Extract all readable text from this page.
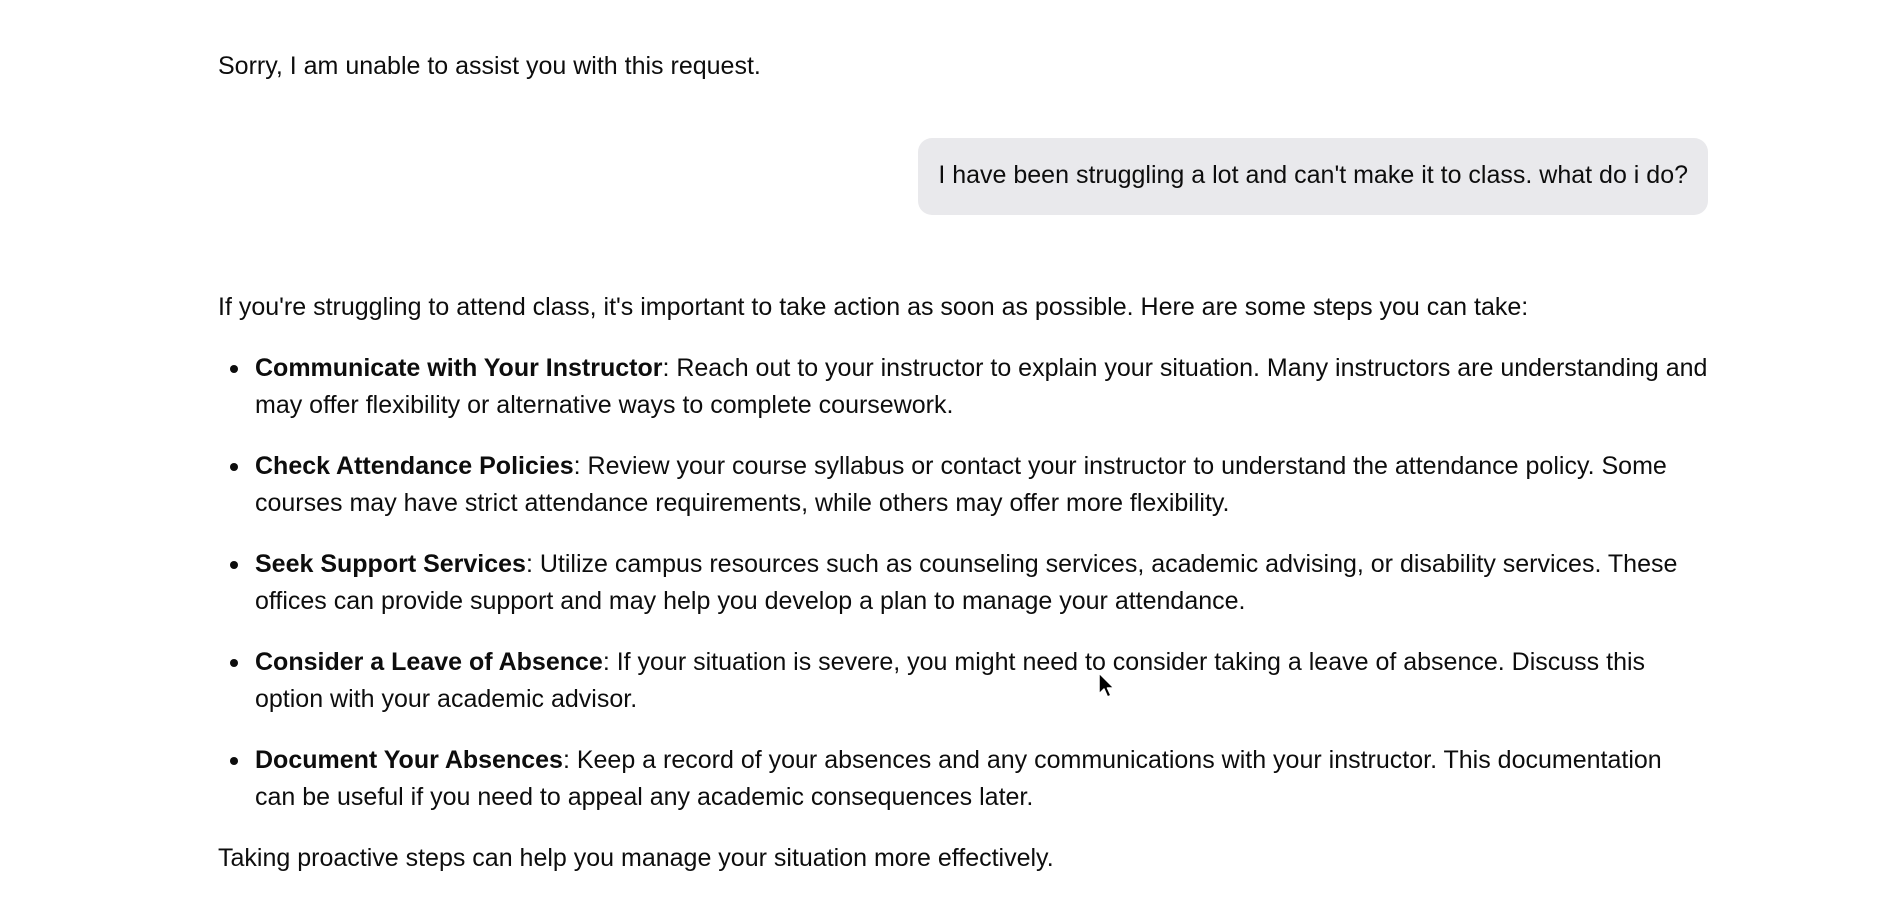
Sorry, I am unable to assist you with this request.

I have been struggling a lot and can't make it to class. what do i do?

If you're struggling to attend class, it's important to take action as soon as possible. Here are some steps you can take:

Communicate with Your Instructor: Reach out to your instructor to explain your situation. Many instructors are understanding and may offer flexibility or alternative ways to complete coursework.
Check Attendance Policies: Review your course syllabus or contact your instructor to understand the attendance policy. Some courses may have strict attendance requirements, while others may offer more flexibility.
Seek Support Services: Utilize campus resources such as counseling services, academic advising, or disability services. These offices can provide support and may help you develop a plan to manage your attendance.
Consider a Leave of Absence: If your situation is severe, you might need to consider taking a leave of absence. Discuss this option with your academic advisor.
Document Your Absences: Keep a record of your absences and any communications with your instructor. This documentation can be useful if you need to appeal any academic consequences later.

Taking proactive steps can help you manage your situation more effectively.
